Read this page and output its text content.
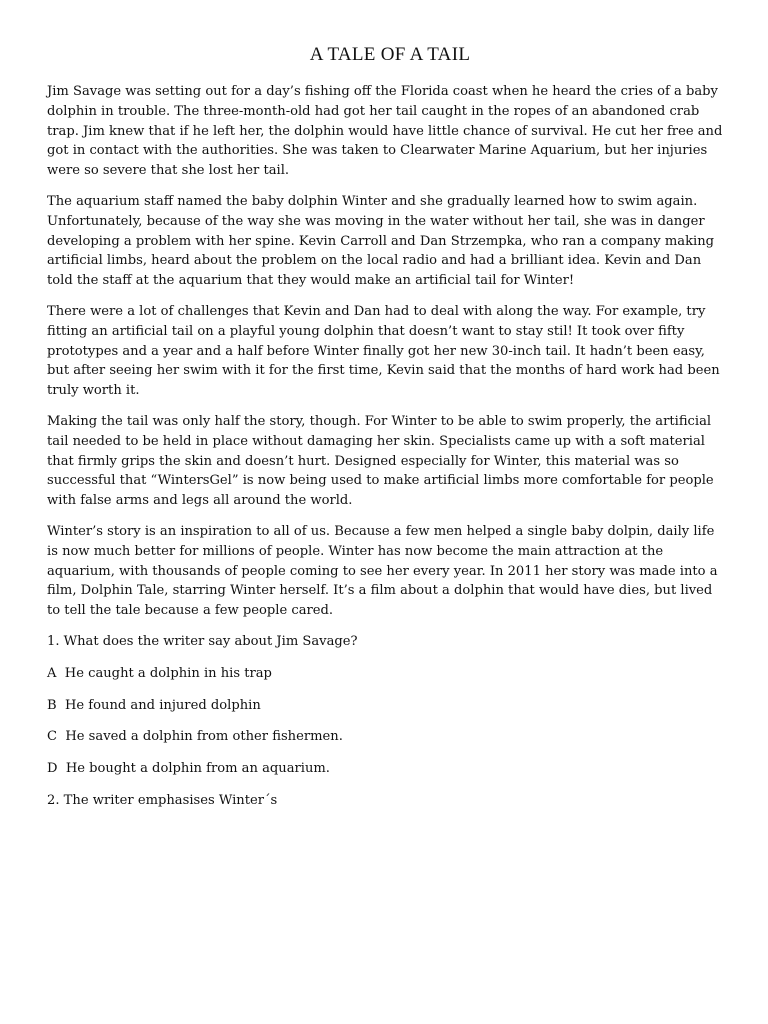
A TALE OF A TAIL

Jim Savage was setting out for a day’s fishing off the Florida coast when he heard the cries of a baby dolphin in trouble. The three-month-old had got her tail caught in the ropes of an abandoned crab trap. Jim knew that if he left her, the dolphin would have little chance of survival. He cut her free and got in contact with the authorities. She was taken to Clearwater Marine Aquarium, but her injuries were so severe that she lost her tail.

The aquarium staff named the baby dolphin Winter and she gradually learned how to swim again. Unfortunately, because of the way she was moving in the water without her tail, she was in danger developing a problem with her spine. Kevin Carroll and Dan Strzempka, who ran a company making artificial limbs, heard about the problem on the local radio and had a brilliant idea. Kevin and Dan told the staff at the aquarium that they would make an artificial tail for Winter!

There were a lot of challenges that Kevin and Dan had to deal with along the way. For example, try fitting an artificial tail on a playful young dolphin that doesn’t want to stay stil! It took over fifty prototypes and a year and a half before Winter finally got her new 30-inch tail. It hadn’t been easy, but after seeing her swim with it for the first time, Kevin said that the months of hard work had been truly worth it.

Making the tail was only half the story, though. For Winter to be able to swim properly, the artificial tail needed to be held in place without damaging her skin. Specialists came up with a soft material that firmly grips the skin and doesn’t hurt. Designed especially for Winter, this material was so successful that “WintersGel” is now being used to make artificial limbs more comfortable for people with false arms and legs all around the world.

Winter’s story is an inspiration to all of us. Because a few men helped a single baby dolpin, daily life is now much better for millions of people. Winter has now become the main attraction at the aquarium, with thousands of people coming to see her every year. In 2011 her story was made into a film, Dolphin Tale, starring Winter herself. It’s a film about a dolphin that would have dies, but lived to tell the tale because a few people cared.

1. What does the writer say about Jim Savage?

A  He caught a dolphin in his trap

B  He found and injured dolphin

C  He saved a dolphin from other fishermen.

D  He bought a dolphin from an aquarium.

2. The writer emphasises Winter´s
